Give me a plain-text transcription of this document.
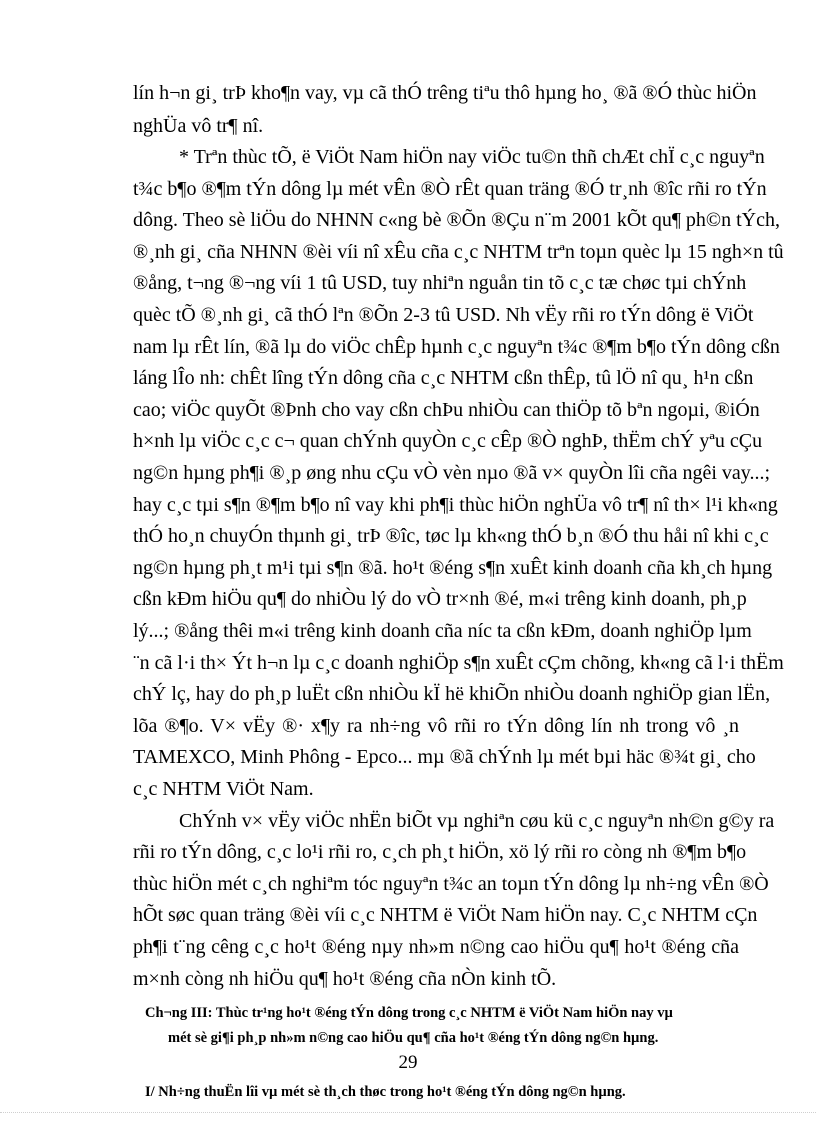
lín h¬n gi¸ trÞ kho¶n vay, vµ cã thÓ trêng tiªu thô hµng ho¸ ®ã ®Ó thùc hiÖn
nghÜa vô tr¶ nî.
* Trªn thùc tÕ, ë ViÖt Nam hiÖn nay viÖc tu©n thñ chÆt chÏ c¸c nguyªn
t¾c b¶o ®¶m tÝn dông lµ mét vÊn ®Ò rÊt quan träng ®Ó tr¸nh ®îc rñi ro tÝn
dông. Theo sè liÖu do NHNN c«ng bè ®Õn ®Çu n¨m 2001 kÕt qu¶ ph©n tÝch,
®¸nh gi¸ cña NHNN ®èi víi nî xÊu cña c¸c NHTM trªn toµn quèc lµ 15 ngh×n tû
®ång, t¬ng ®¬ng víi 1 tû USD, tuy nhiªn nguån tin tõ c¸c tæ chøc tµi chÝnh
quèc tÕ ®¸nh gi¸ cã thÓ lªn ®Õn 2-3 tû USD. Nh vËy rñi ro tÝn dông ë ViÖt
nam lµ rÊt lín, ®ã lµ do viÖc chÊp hµnh c¸c nguyªn t¾c ®¶m b¶o tÝn dông cßn
láng lÎo nh: chÊt lîng tÝn dông cña c¸c NHTM cßn thÊp, tû lÖ nî qu¸ h¹n cßn
cao; viÖc quyÕt ®Þnh cho vay cßn chÞu nhiÒu can thiÖp tõ bªn ngoµi, ®iÓn
h×nh lµ viÖc c¸c c¬ quan chÝnh quyÒn c¸c cÊp ®Ò nghÞ, thËm chÝ yªu cÇu
ng©n hµng ph¶i ®¸p øng nhu cÇu vÒ vèn nµo ®ã v× quyÒn lîi cña ngêi vay...;
hay c¸c tµi s¶n ®¶m b¶o nî vay khi ph¶i thùc hiÖn nghÜa vô tr¶ nî th× l¹i kh«ng
thÓ ho¸n chuyÓn thµnh gi¸ trÞ ®îc, tøc lµ kh«ng thÓ b¸n ®Ó thu håi nî khi c¸c
ng©n hµng ph¸t m¹i tµi s¶n ®ã. ho¹t ®éng s¶n xuÊt kinh doanh cña kh¸ch hµng
cßn kÐm hiÖu qu¶ do nhiÒu lý do vÒ tr×nh ®é, m«i trêng kinh doanh, ph¸p
lý...; ®ång thêi m«i trêng kinh doanh cña níc ta cßn kÐm, doanh nghiÖp lµm
¨n cã l·i th× Ýt h¬n lµ c¸c doanh nghiÖp s¶n xuÊt cÇm chõng, kh«ng cã l·i thËm
chÝ lç, hay do ph¸p luËt cßn nhiÒu kÏ hë khiÕn nhiÒu doanh nghiÖp gian lËn,
lõa ®¶o. V× vËy ®· x¶y ra nh÷ng vô rñi ro tÝn dông lín nh trong vô ¸n
TAMEXCO, Minh Phông - Epco... mµ ®ã chÝnh lµ mét bµi häc ®¾t gi¸ cho
c¸c NHTM ViÖt Nam.
ChÝnh v× vËy viÖc nhËn biÕt vµ nghiªn cøu kü c¸c nguyªn nh©n g©y ra
rñi ro tÝn dông, c¸c lo¹i rñi ro, c¸ch ph¸t hiÖn, xö lý rñi ro còng nh ®¶m b¶o
thùc hiÖn mét c¸ch nghiªm tóc nguyªn t¾c an toµn tÝn dông lµ nh÷ng vÊn ®Ò
hÕt søc quan träng ®èi víi c¸c NHTM ë ViÖt Nam hiÖn nay. C¸c NHTM cÇn
ph¶i t¨ng cêng c¸c ho¹t ®éng nµy nh»m n©ng cao hiÖu qu¶ ho¹t ®éng cña
m×nh còng nh hiÖu qu¶ ho¹t ®éng cña nÒn kinh tÕ.
Ch¬ng III: Thùc tr¹ng ho¹t ®éng tÝn dông trong c¸c NHTM ë ViÖt Nam hiÖn nay vµ
mét sè gi¶i ph¸p nh»m n©ng cao hiÖu qu¶ cña ho¹t ®éng tÝn dông ng©n hµng.
I/ Nh÷ng thuËn lîi vµ mét sè th¸ch thøc trong ho¹t ®éng tÝn dông ng©n hµng.
29
